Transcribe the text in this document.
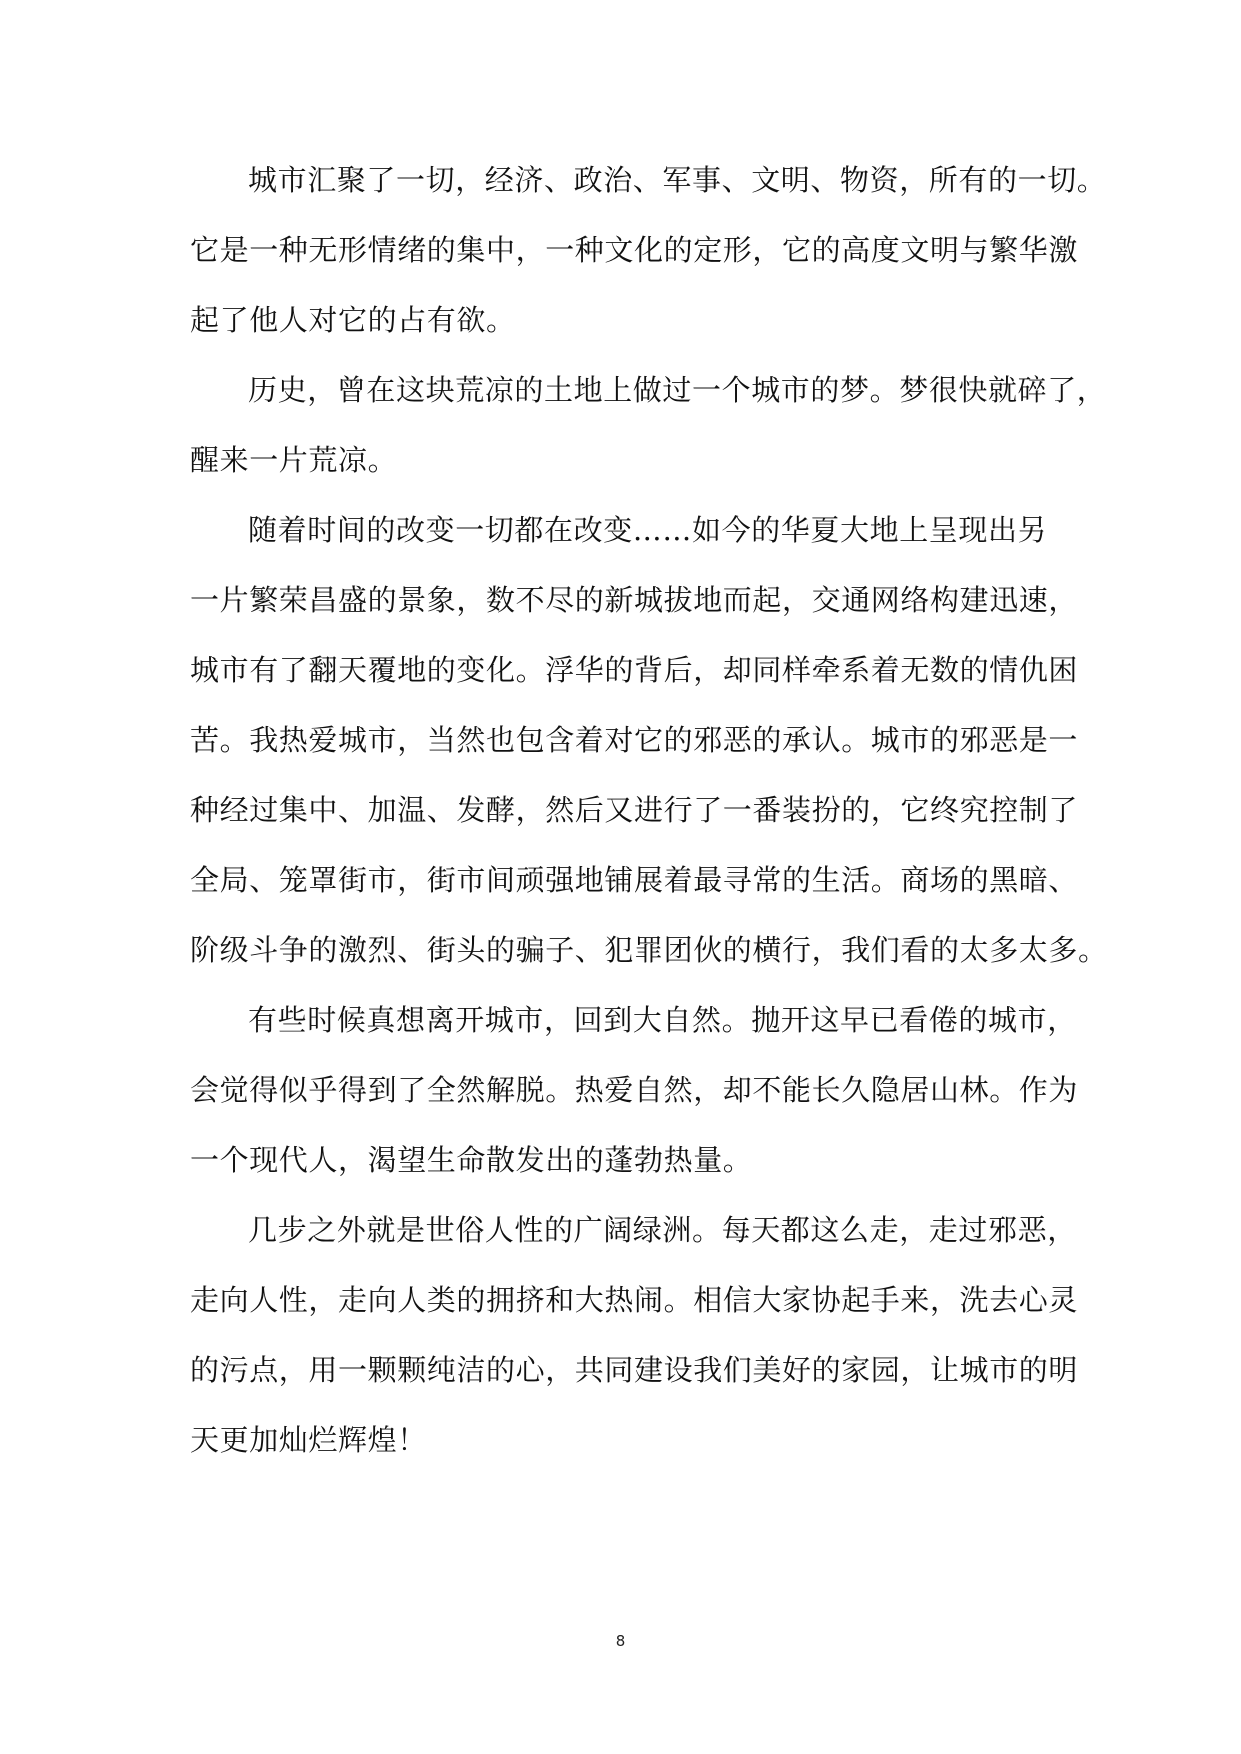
城市汇聚了一切，经济、政治、军事、文明、物资，所有的一切。
它是一种无形情绪的集中，一种文化的定形，它的高度文明与繁华激
起了他人对它的占有欲。
历史，曾在这块荒凉的土地上做过一个城市的梦。梦很快就碎了，
醒来一片荒凉。
随着时间的改变一切都在改变……如今的华夏大地上呈现出另
一片繁荣昌盛的景象，数不尽的新城拔地而起，交通网络构建迅速，
城市有了翻天覆地的变化。浮华的背后，却同样牵系着无数的情仇困
苦。我热爱城市，当然也包含着对它的邪恶的承认。城市的邪恶是一
种经过集中、加温、发酵，然后又进行了一番装扮的，它终究控制了
全局、笼罩街市，街市间顽强地铺展着最寻常的生活。商场的黑暗、
阶级斗争的激烈、街头的骗子、犯罪团伙的横行，我们看的太多太多。
有些时候真想离开城市，回到大自然。抛开这早已看倦的城市，
会觉得似乎得到了全然解脱。热爱自然，却不能长久隐居山林。作为
一个现代人，渴望生命散发出的蓬勃热量。
几步之外就是世俗人性的广阔绿洲。每天都这么走，走过邪恶，
走向人性，走向人类的拥挤和大热闹。相信大家协起手来，洗去心灵
的污点，用一颗颗纯洁的心，共同建设我们美好的家园，让城市的明
天更加灿烂辉煌！
8
